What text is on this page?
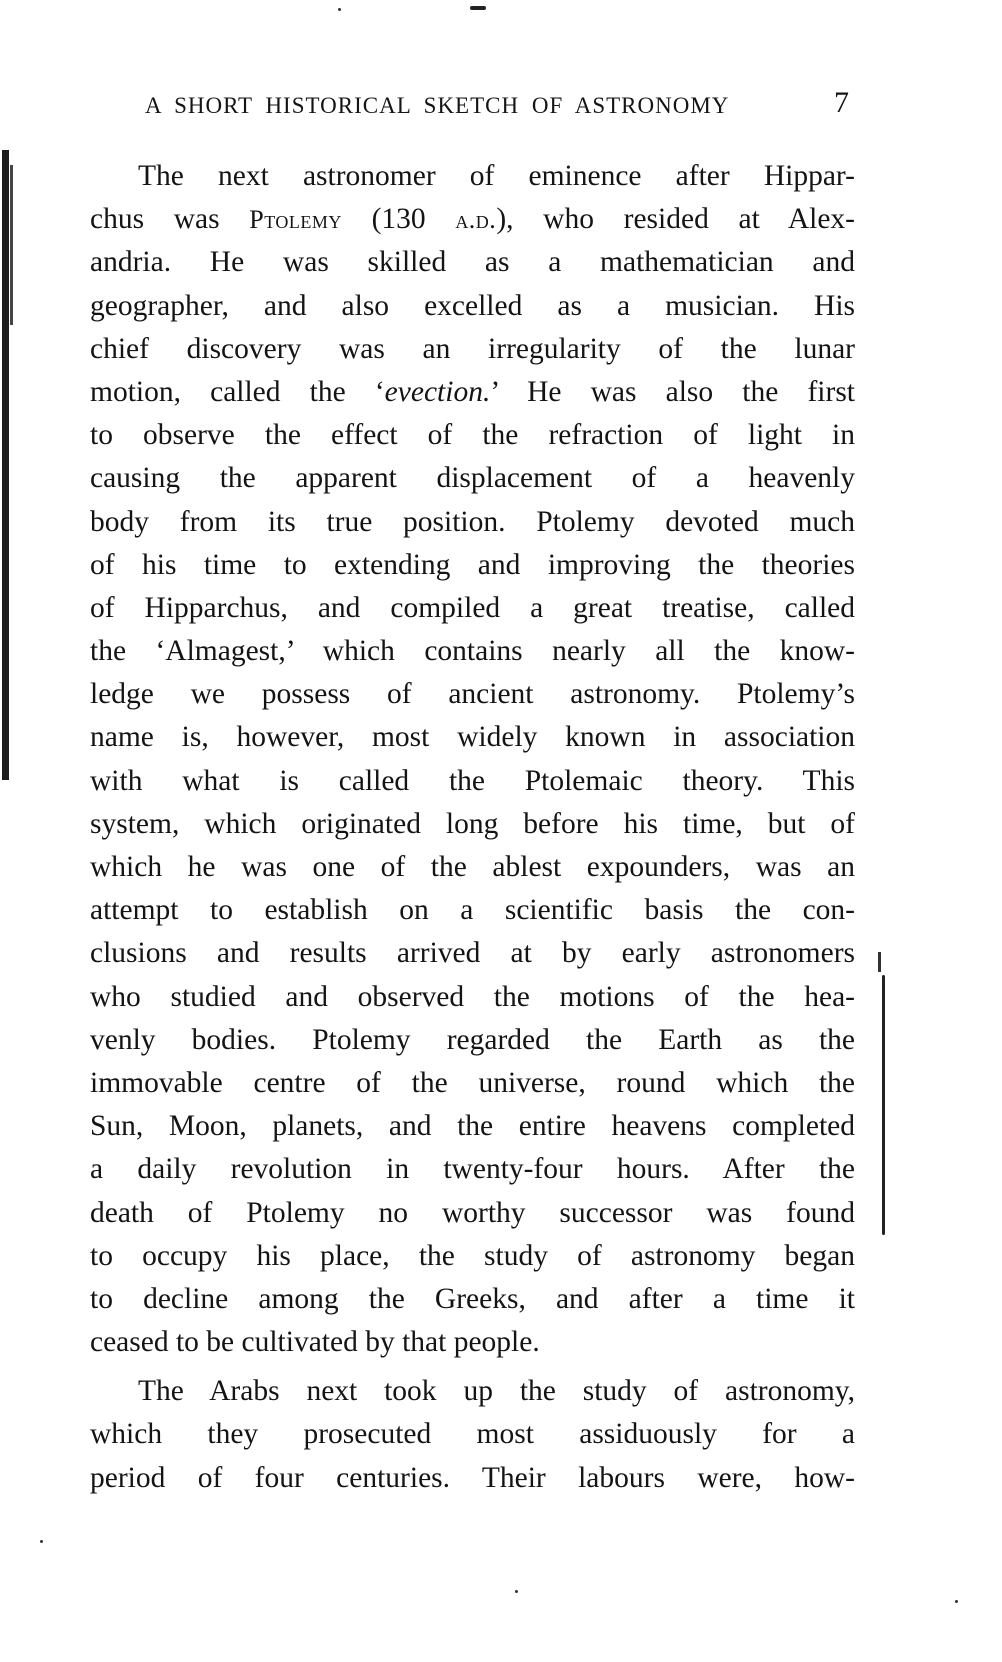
A SHORT HISTORICAL SKETCH OF ASTRONOMY	7
The next astronomer of eminence after Hippar-
chus was Ptolemy (130 a.d.), who resided at Alex-
andria. He was skilled as a mathematician and
geographer, and also excelled as a musician. His
chief discovery was an irregularity of the lunar
motion, called the ‘evection.’ He was also the first
to observe the effect of the refraction of light in
causing the apparent displacement of a heavenly
body from its true position. Ptolemy devoted much
of his time to extending and improving the theories
of Hipparchus, and compiled a great treatise, called
the ‘Almagest,’ which contains nearly all the know-
ledge we possess of ancient astronomy. Ptolemy’s
name is, however, most widely known in association
with what is called the Ptolemaic theory. This
system, which originated long before his time, but of
which he was one of the ablest expounders, was an
attempt to establish on a scientific basis the con-
clusions and results arrived at by early astronomers
who studied and observed the motions of the hea-
venly bodies. Ptolemy regarded the Earth as the
immovable centre of the universe, round which the
Sun, Moon, planets, and the entire heavens completed
a daily revolution in twenty-four hours. After the
death of Ptolemy no worthy successor was found
to occupy his place, the study of astronomy began
to decline among the Greeks, and after a time it
ceased to be cultivated by that people.
The Arabs next took up the study of astronomy,
which they prosecuted most assiduously for a
period of four centuries. Their labours were, how-
